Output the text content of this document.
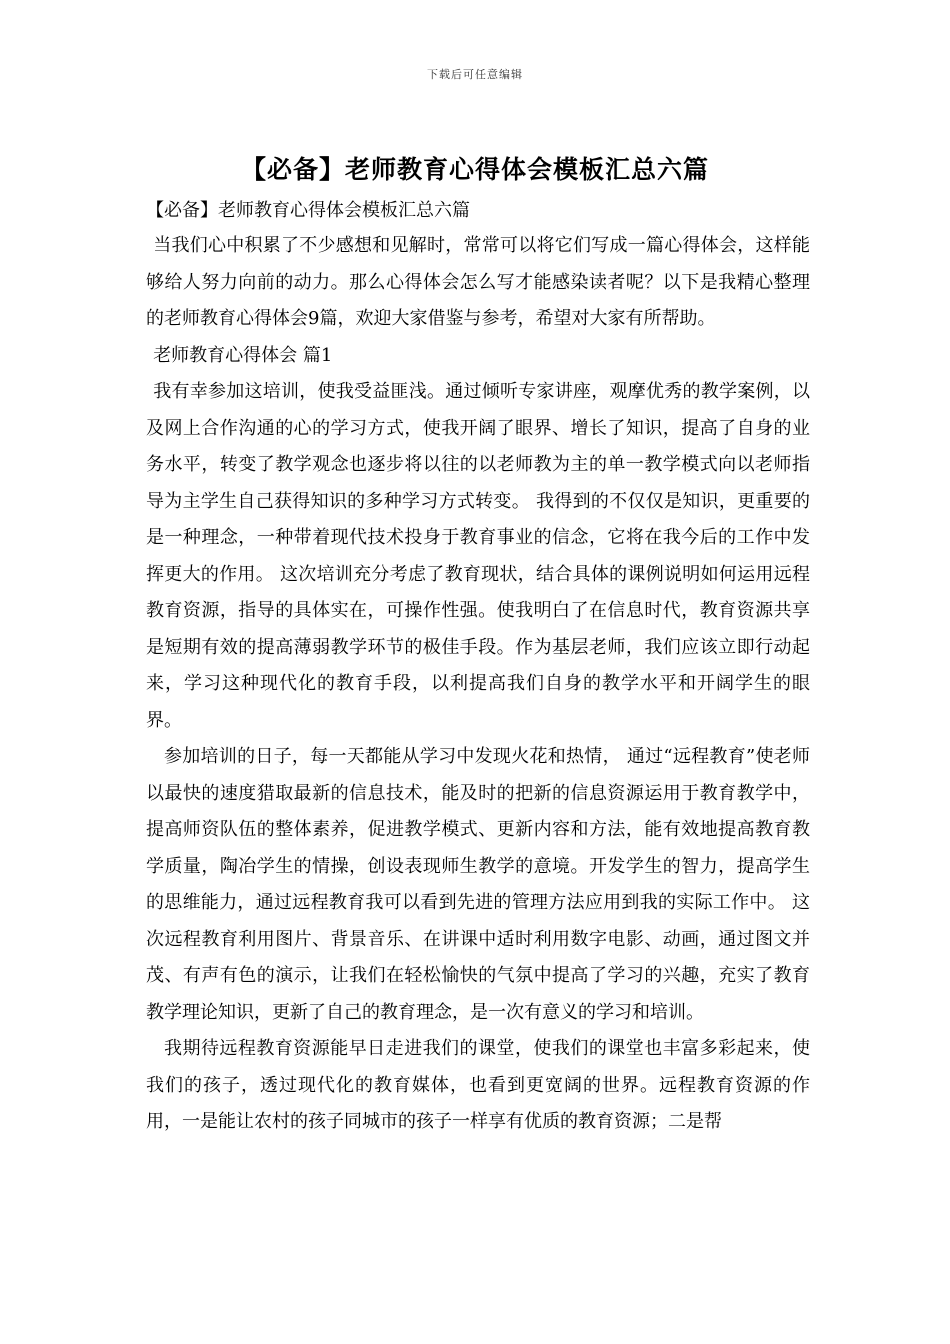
下载后可任意编辑
【必备】老师教育心得体会模板汇总六篇

【必备】老师教育心得体会模板汇总六篇

当我们心中积累了不少感想和见解时，常常可以将它们写成一篇心得体会，这样能够给人努力向前的动力。那么心得体会怎么写才能感染读者呢？以下是我精心整理的老师教育心得体会9篇，欢迎大家借鉴与参考，希望对大家有所帮助。

老师教育心得体会 篇1

我有幸参加这培训，使我受益匪浅。通过倾听专家讲座，观摩优秀的教学案例，以及网上合作沟通的心的学习方式，使我开阔了眼界、增长了知识，提高了自身的业务水平，转变了教学观念也逐步将以往的以老师教为主的单一教学模式向以老师指导为主学生自己获得知识的多种学习方式转变。 我得到的不仅仅是知识，更重要的是一种理念，一种带着现代技术投身于教育事业的信念，它将在我今后的工作中发挥更大的作用。 这次培训充分考虑了教育现状，结合具体的课例说明如何运用远程教育资源，指导的具体实在，可操作性强。使我明白了在信息时代，教育资源共享是短期有效的提高薄弱教学环节的极佳手段。作为基层老师，我们应该立即行动起来，学习这种现代化的教育手段，以利提高我们自身的教学水平和开阔学生的眼界。

参加培训的日子，每一天都能从学习中发现火花和热情， 通过“远程教育”使老师以最快的速度猎取最新的信息技术，能及时的把新的信息资源运用于教育教学中，提高师资队伍的整体素养，促进教学模式、更新内容和方法，能有效地提高教育教学质量，陶冶学生的情操，创设表现师生教学的意境。开发学生的智力，提高学生的思维能力，通过远程教育我可以看到先进的管理方法应用到我的实际工作中。 这次远程教育利用图片、背景音乐、在讲课中适时利用数字电影、动画，通过图文并茂、有声有色的演示，让我们在轻松愉快的气氛中提高了学习的兴趣，充实了教育教学理论知识，更新了自己的教育理念，是一次有意义的学习和培训。

我期待远程教育资源能早日走进我们的课堂，使我们的课堂也丰富多彩起来，使我们的孩子，透过现代化的教育媒体，也看到更宽阔的世界。远程教育资源的作用，一是能让农村的孩子同城市的孩子一样享有优质的教育资源；二是帮
